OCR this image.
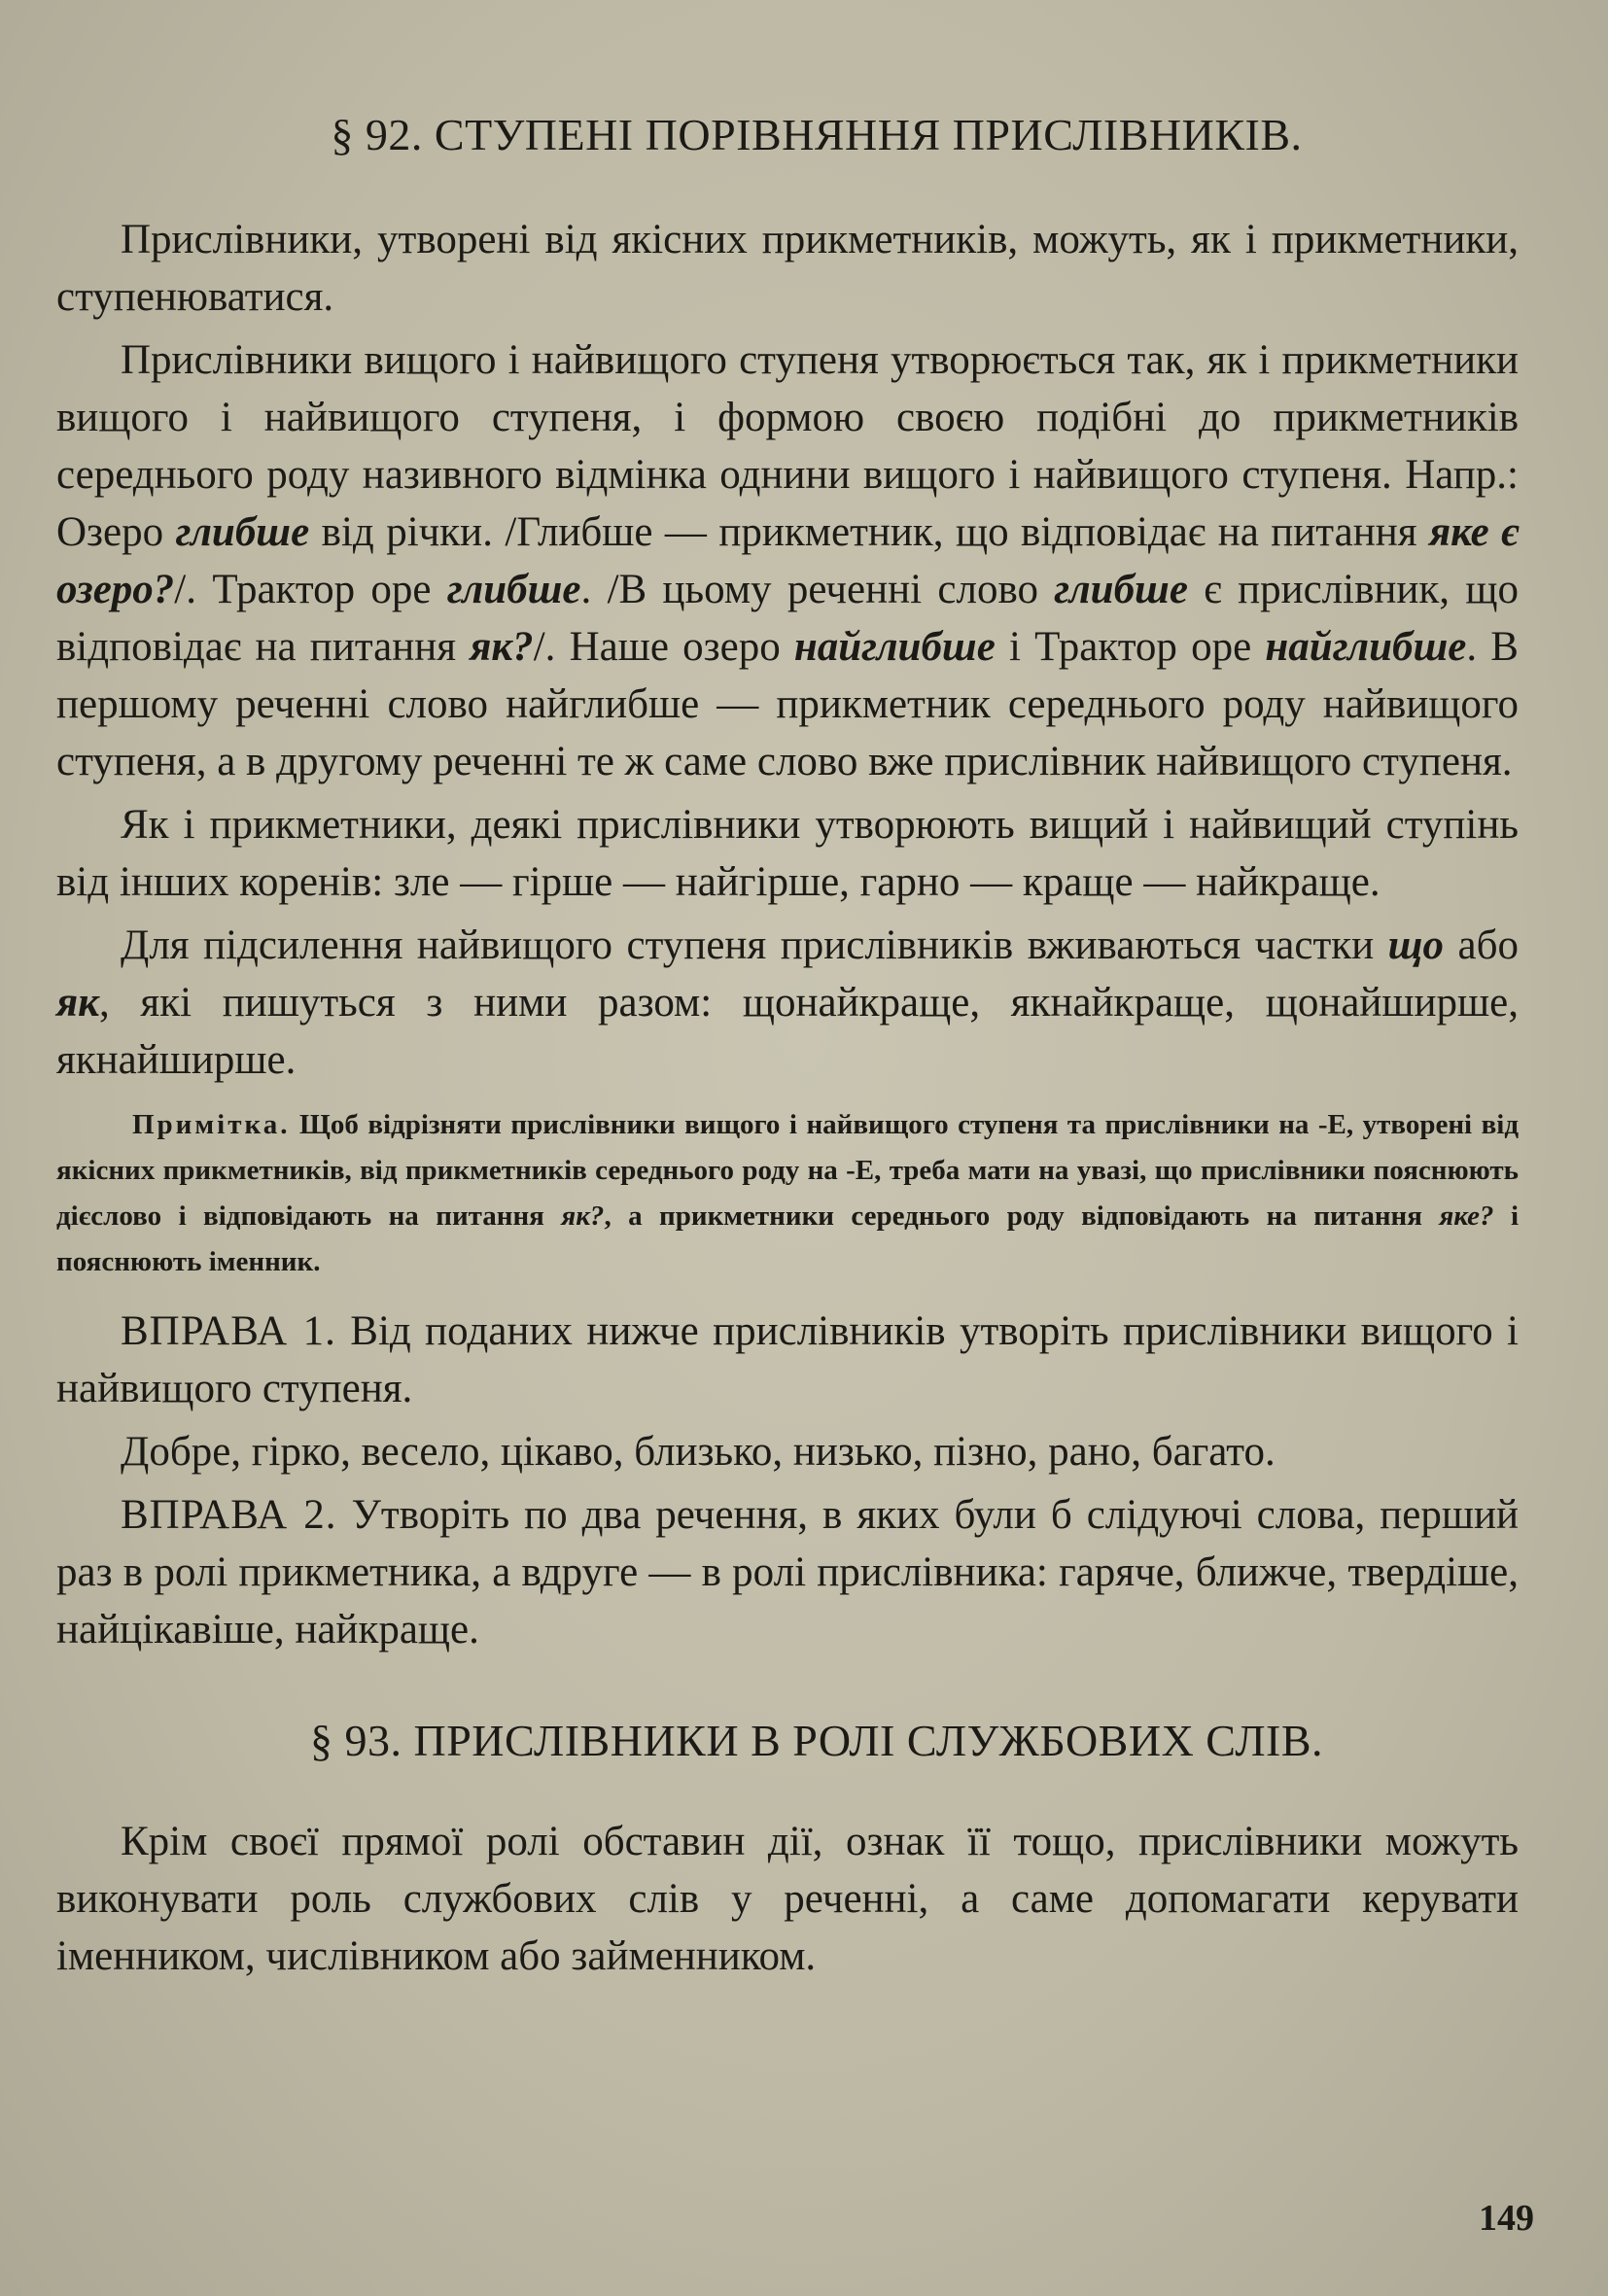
§ 92. СТУПЕНІ ПОРІВНЯННЯ ПРИСЛІВНИКІВ.

Прислівники, утворені від якісних прикметників, можуть, як і прикметники, ступенюватися.

Прислівники вищого і найвищого ступеня утворюється так, як і прикметники вищого і найвищого ступеня, і формою своєю подібні до прикметників середнього роду називного відмінка однини вищого і найвищого ступеня. Напр.: Озеро глибше від річки. /Глибше — прикметник, що відповідає на питання яке є озеро?/. Трактор оре глибше. /В цьому реченні слово глибше є прислівник, що відповідає на питання як?/. Наше озеро найглибше і Трактор оре найглибше. В першому реченні слово найглибше — прикметник середнього роду найвищого ступеня, а в другому реченні те ж саме слово вже прислівник найвищого ступеня.

Як і прикметники, деякі прислівники утворюють вищий і найвищий ступінь від інших коренів: зле — гірше — найгірше, гарно — краще — найкраще.

Для підсилення найвищого ступеня прислівників вживаються частки що або як, які пишуться з ними разом: щонайкраще, якнайкраще, щонайширше, якнайширше.

Примітка. Щоб відрізняти прислівники вищого і найвищого ступеня та прислівники на -Е, утворені від якісних прикметників, від прикметників середнього роду на -Е, треба мати на увазі, що прислівники пояснюють дієслово і відповідають на питання як?, а прикметники середнього роду відповідають на питання яке? і пояснюють іменник.

ВПРАВА 1. Від поданих нижче прислівників утворіть прислівники вищого і найвищого ступеня.

Добре, гірко, весело, цікаво, близько, низько, пізно, рано, багато.

ВПРАВА 2. Утворіть по два речення, в яких були б слідуючі слова, перший раз в ролі прикметника, а вдруге — в ролі прислівника: гаряче, ближче, твердіше, найцікавіше, найкраще.

§ 93. ПРИСЛІВНИКИ В РОЛІ СЛУЖБОВИХ СЛІВ.

Крім своєї прямої ролі обставин дії, ознак її тощо, прислівники можуть виконувати роль службових слів у реченні, а саме допомагати керувати іменником, числівником або займенником.

149
